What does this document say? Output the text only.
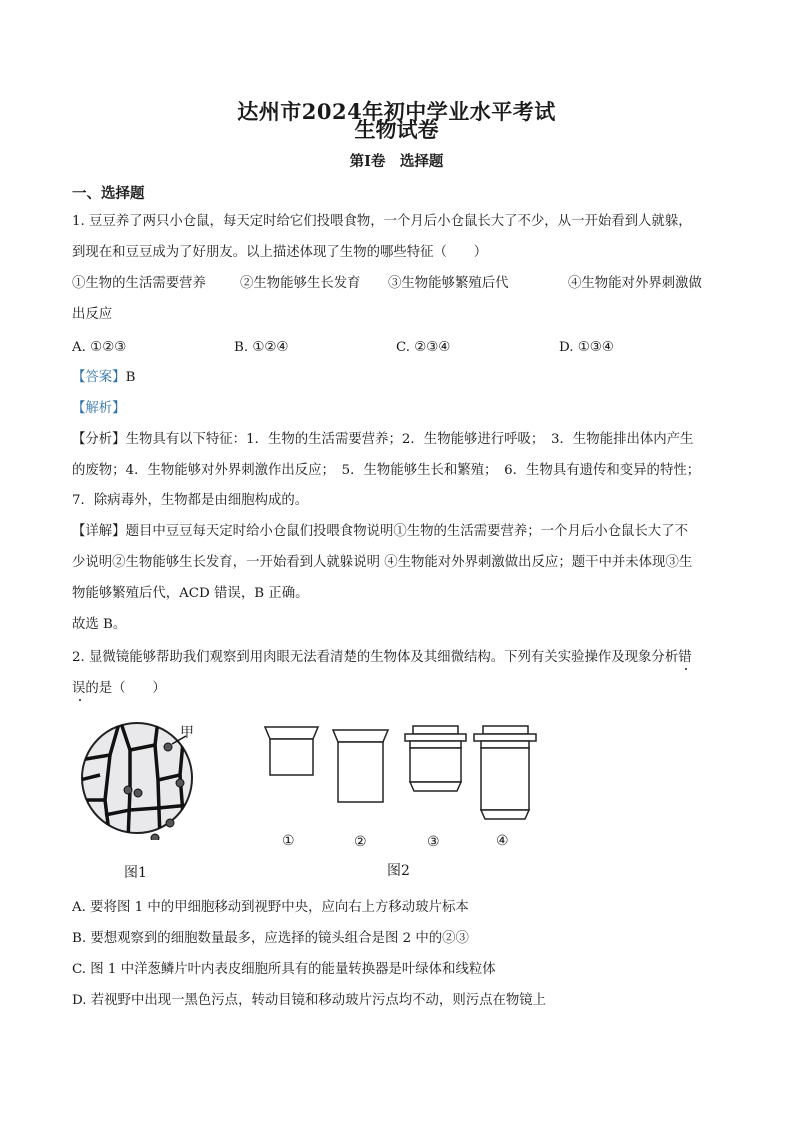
达州市2024年初中学业水平考试
生物试卷
第I卷　选择题
一、选择题
1. 豆豆养了两只小仓鼠，每天定时给它们投喂食物，一个月后小仓鼠长大了不少，从一开始看到人就躲，
到现在和豆豆成为了好朋友。以上描述体现了生物的哪些特征（　　）
①生物的生活需要营养	②生物能够生长发育 ③生物能够繁殖后代	④生物能对外界刺激做
出反应
A. ①②③	B. ①②④	C. ②③④	D. ①③④
【答案】B
【解析】
【分析】生物具有以下特征：1．生物的生活需要营养；2．生物能够进行呼吸；　3．生物能排出体内产生
的废物；4．生物能够对外界刺激作出反应；　5．生物能够生长和繁殖；　6．生物具有遗传和变异的特性；
7．除病毒外，生物都是由细胞构成的。
【详解】题目中豆豆每天定时给小仓鼠们投喂食物说明①生物的生活需要营养；一个月后小仓鼠长大了不
少说明②生物能够生长发育，一开始看到人就躲说明 ④生物能对外界刺激做出反应；题干中并未体现③生
物能够繁殖后代，ACD 错误，B 正确。
故选 B。
2. 显微镜能够帮助我们观察到用肉眼无法看清楚的生物体及其细微结构。下列有关实验操作及现象分析错
误的是（　　）
甲
图1
①	②	③	④
图2
A. 要将图 1 中的甲细胞移动到视野中央，应向右上方移动玻片标本
B. 要想观察到的细胞数量最多，应选择的镜头组合是图 2 中的②③
C. 图 1 中洋葱鳞片叶内表皮细胞所具有的能量转换器是叶绿体和线粒体
D. 若视野中出现一黑色污点，转动目镜和移动玻片污点均不动，则污点在物镜上
